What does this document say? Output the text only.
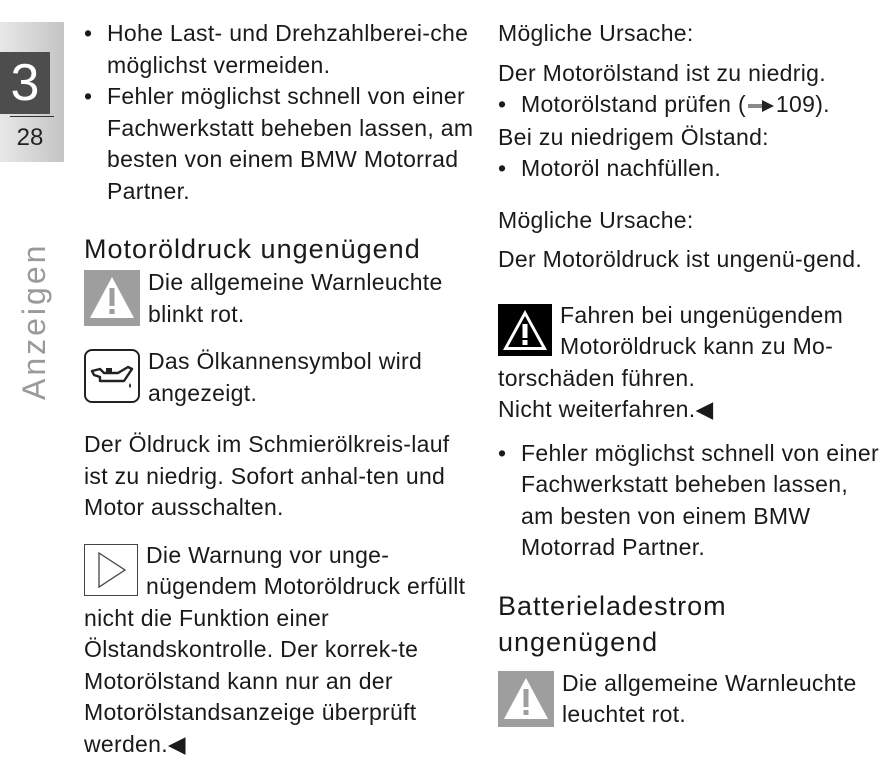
3
28
Anzeigen
• Hohe Last- und Drehzahlberei-che möglichst vermeiden.
• Fehler möglichst schnell von einer Fachwerkstatt beheben lassen, am besten von einem BMW Motorrad Partner.
Motoröldruck ungenügend

Die allgemeine Warnleuchte blinkt rot.

Das Ölkannensymbol wird angezeigt.

Der Öldruck im Schmierölkreis-lauf ist zu niedrig. Sofort anhal-ten und Motor ausschalten.

Die Warnung vor unge-nügendem Motoröldruck erfüllt nicht die Funktion einer Ölstandskontrolle. Der korrek-te Motorölstand kann nur an der Motorölstandsanzeige überprüft werden.◀

Mögliche Ursache:

Der Motorölstand ist zu niedrig.

• Motorölstand prüfen ( 109).

Bei zu niedrigem Ölstand:

• Motoröl nachfüllen.

Mögliche Ursache:

Der Motoröldruck ist ungenü-gend.

Fahren bei ungenügendem Motoröldruck kann zu Mo-torschäden führen.

Nicht weiterfahren.◀

• Fehler möglichst schnell von einer Fachwerkstatt beheben lassen, am besten von einem BMW Motorrad Partner.
Batterieladestrom ungenügend

Die allgemeine Warnleuchte leuchtet rot.
